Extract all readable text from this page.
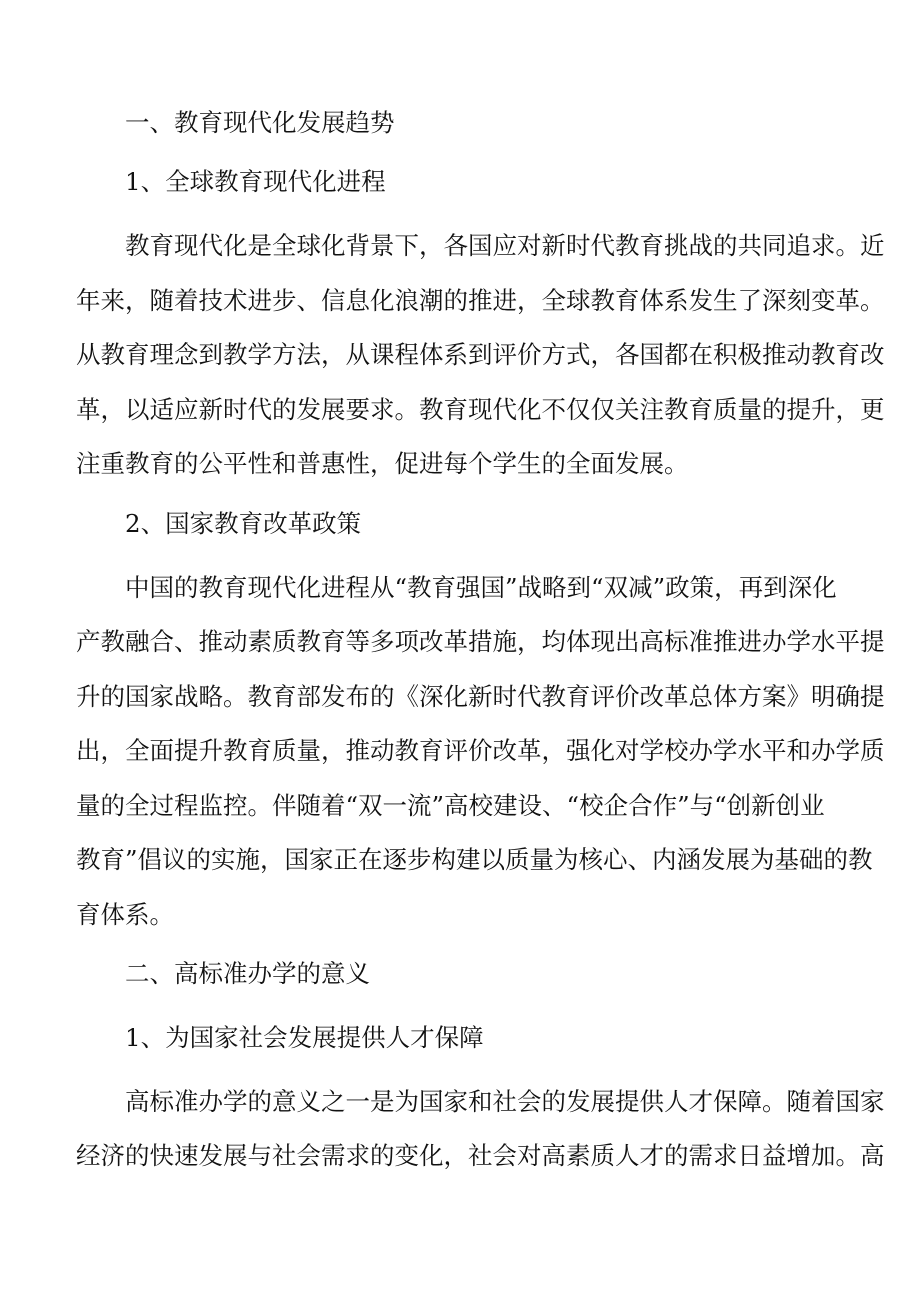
一、教育现代化发展趋势
1、全球教育现代化进程
教育现代化是全球化背景下，各国应对新时代教育挑战的共同追求。近
年来，随着技术进步、信息化浪潮的推进，全球教育体系发生了深刻变革。
从教育理念到教学方法，从课程体系到评价方式，各国都在积极推动教育改
革，以适应新时代的发展要求。教育现代化不仅仅关注教育质量的提升，更
注重教育的公平性和普惠性，促进每个学生的全面发展。
2、国家教育改革政策
中国的教育现代化进程从“教育强国”战略到“双减”政策，再到深化
产教融合、推动素质教育等多项改革措施，均体现出高标准推进办学水平提
升的国家战略。教育部发布的《深化新时代教育评价改革总体方案》明确提
出，全面提升教育质量，推动教育评价改革，强化对学校办学水平和办学质
量的全过程监控。伴随着“双一流”高校建设、“校企合作”与“创新创业
教育”倡议的实施，国家正在逐步构建以质量为核心、内涵发展为基础的教
育体系。
二、高标准办学的意义
1、为国家社会发展提供人才保障
高标准办学的意义之一是为国家和社会的发展提供人才保障。随着国家
经济的快速发展与社会需求的变化，社会对高素质人才的需求日益增加。高
